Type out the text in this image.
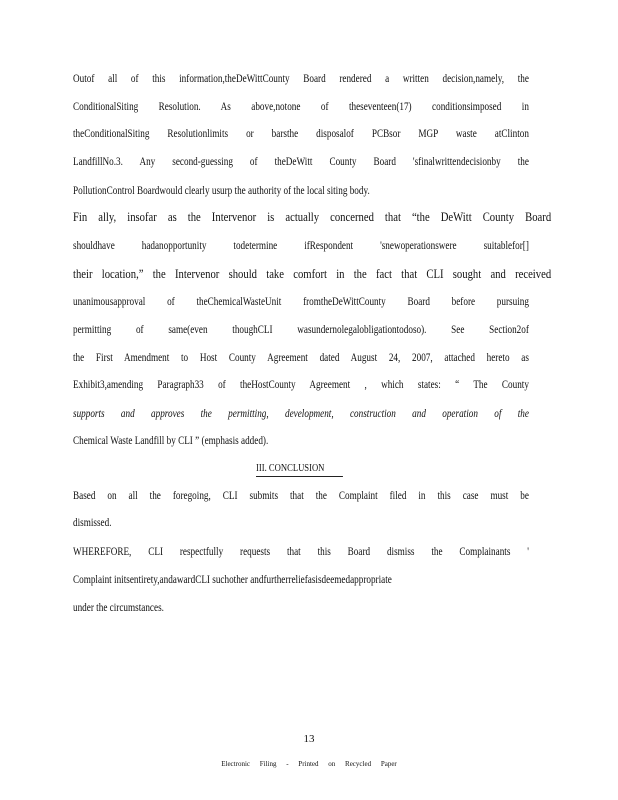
Outof all of this information,theDeWittCounty Board rendered a written decision,namely, the

ConditionalSiting Resolution. As above,notone of theseventeen(17) conditionsimposed in

theConditionalSiting Resolutionlimits or barsthe disposalof PCBsor MGP waste atClinton

LandfillNo.3. Any second-guessing of theDeWitt County Board 'sfinalwrittendecisionby the

PollutionControl Boardwould clearly usurp the authority of the local siting body.

Fin ally, insofar as the Intervenor is actually concerned that “the DeWitt County Board

shouldhave hadanopportunity todetermine ifRespondent 'snewoperationswere suitablefor[]

their location,” the Intervenor should take comfort in the fact that CLI sought and received

unanimousapproval of theChemicalWasteUnit fromtheDeWittCounty Board before pursuing

permitting of same(even thoughCLI wasundernolegalobligationtodoso). See Section2of

the First Amendment to Host County Agreement dated August 24, 2007, attached hereto as

Exhibit3,amending Paragraph33 of theHostCounty Agreement , which states: “ The County

supports and approves the permitting, development, construction and operation of the

Chemical Waste Landfill by CLI ” (emphasis added).

III. CONCLUSION

Based on all the foregoing, CLI submits that the Complaint filed in this case must be

dismissed.

WHEREFORE, CLI respectfully requests that this Board dismiss the Complainants '

Complaint initsentirety,andawardCLI suchother andfurtherreliefasisdeemedappropriate

under the circumstances.

13

Electronic Filing - Printed on Recycled Paper
